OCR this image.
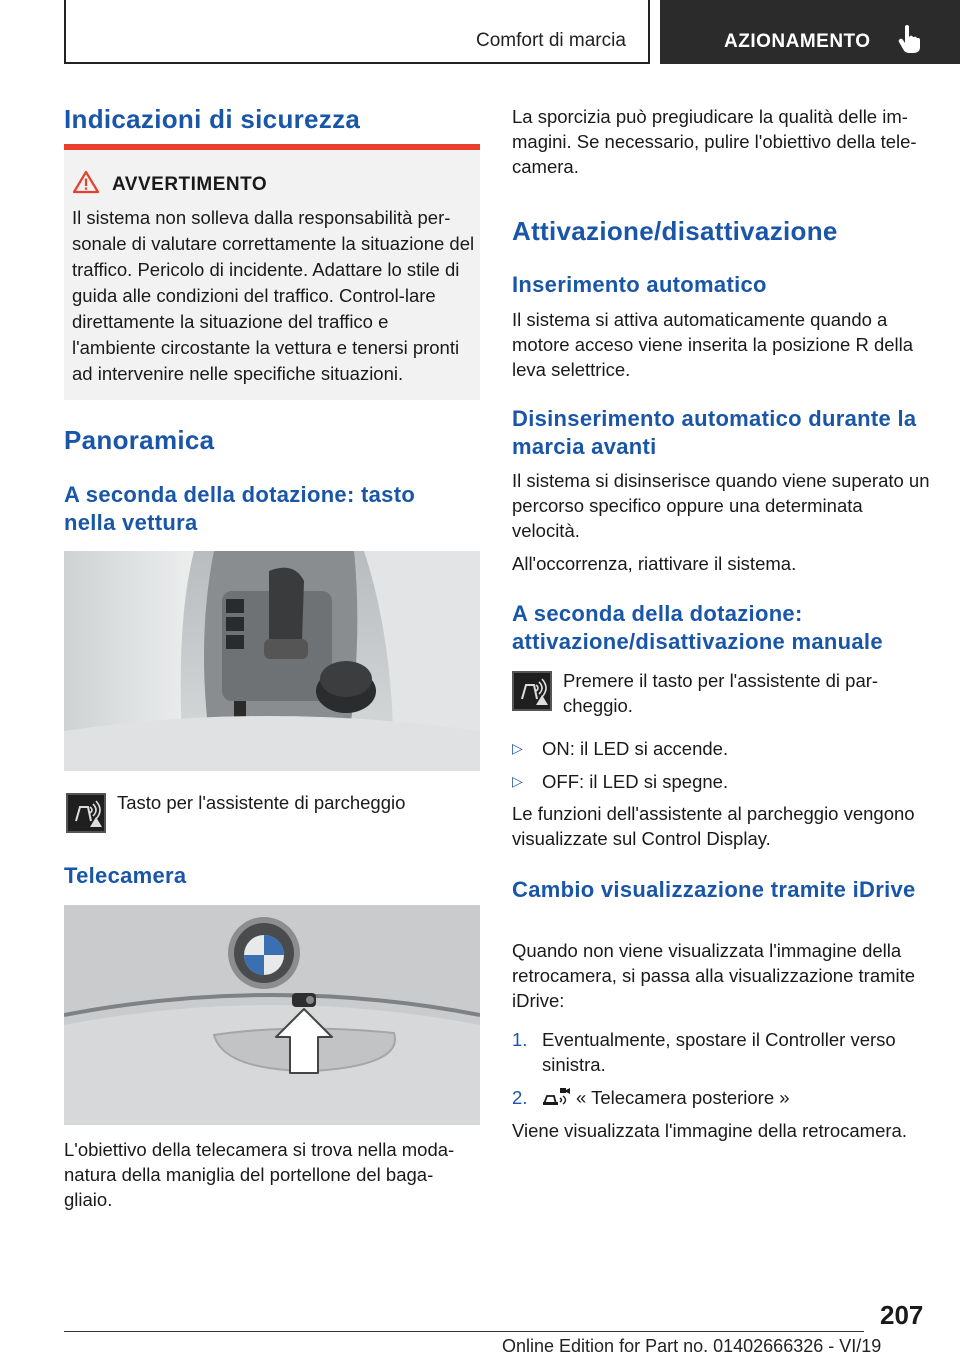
Comfort di marcia	AZIONAMENTO
Indicazioni di sicurezza
AVVERTIMENTO
Il sistema non solleva dalla responsabilità per-sonale di valutare correttamente la situazione del traffico. Pericolo di incidente. Adattare lo stile di guida alle condizioni del traffico. Control-lare direttamente la situazione del traffico e l'ambiente circostante la vettura e tenersi pronti ad intervenire nelle specifiche situazioni.
Panoramica
A seconda della dotazione: tasto nella vettura
Tasto per l'assistente di parcheggio
Telecamera
L'obiettivo della telecamera si trova nella moda-natura della maniglia del portellone del baga-gliaio.
La sporcizia può pregiudicare la qualità delle im-magini. Se necessario, pulire l'obiettivo della tele-camera.
Attivazione/disattivazione
Inserimento automatico
Il sistema si attiva automaticamente quando a motore acceso viene inserita la posizione R della leva selettrice.
Disinserimento automatico durante la marcia avanti
Il sistema si disinserisce quando viene superato un percorso specifico oppure una determinata velocità.
All'occorrenza, riattivare il sistema.
A seconda della dotazione: attivazione/disattivazione manuale
Premere il tasto per l'assistente di par-cheggio.
▷ ON: il LED si accende.
▷ OFF: il LED si spegne.
Le funzioni dell'assistente al parcheggio vengono visualizzate sul Control Display.
Cambio visualizzazione tramite iDrive
Quando non viene visualizzata l'immagine della retrocamera, si passa alla visualizzazione tramite iDrive:
1. Eventualmente, spostare il Controller verso sinistra.
2.	« Telecamera posteriore »
Viene visualizzata l'immagine della retrocamera.
207
Online Edition for Part no. 01402666326 - VI/19
